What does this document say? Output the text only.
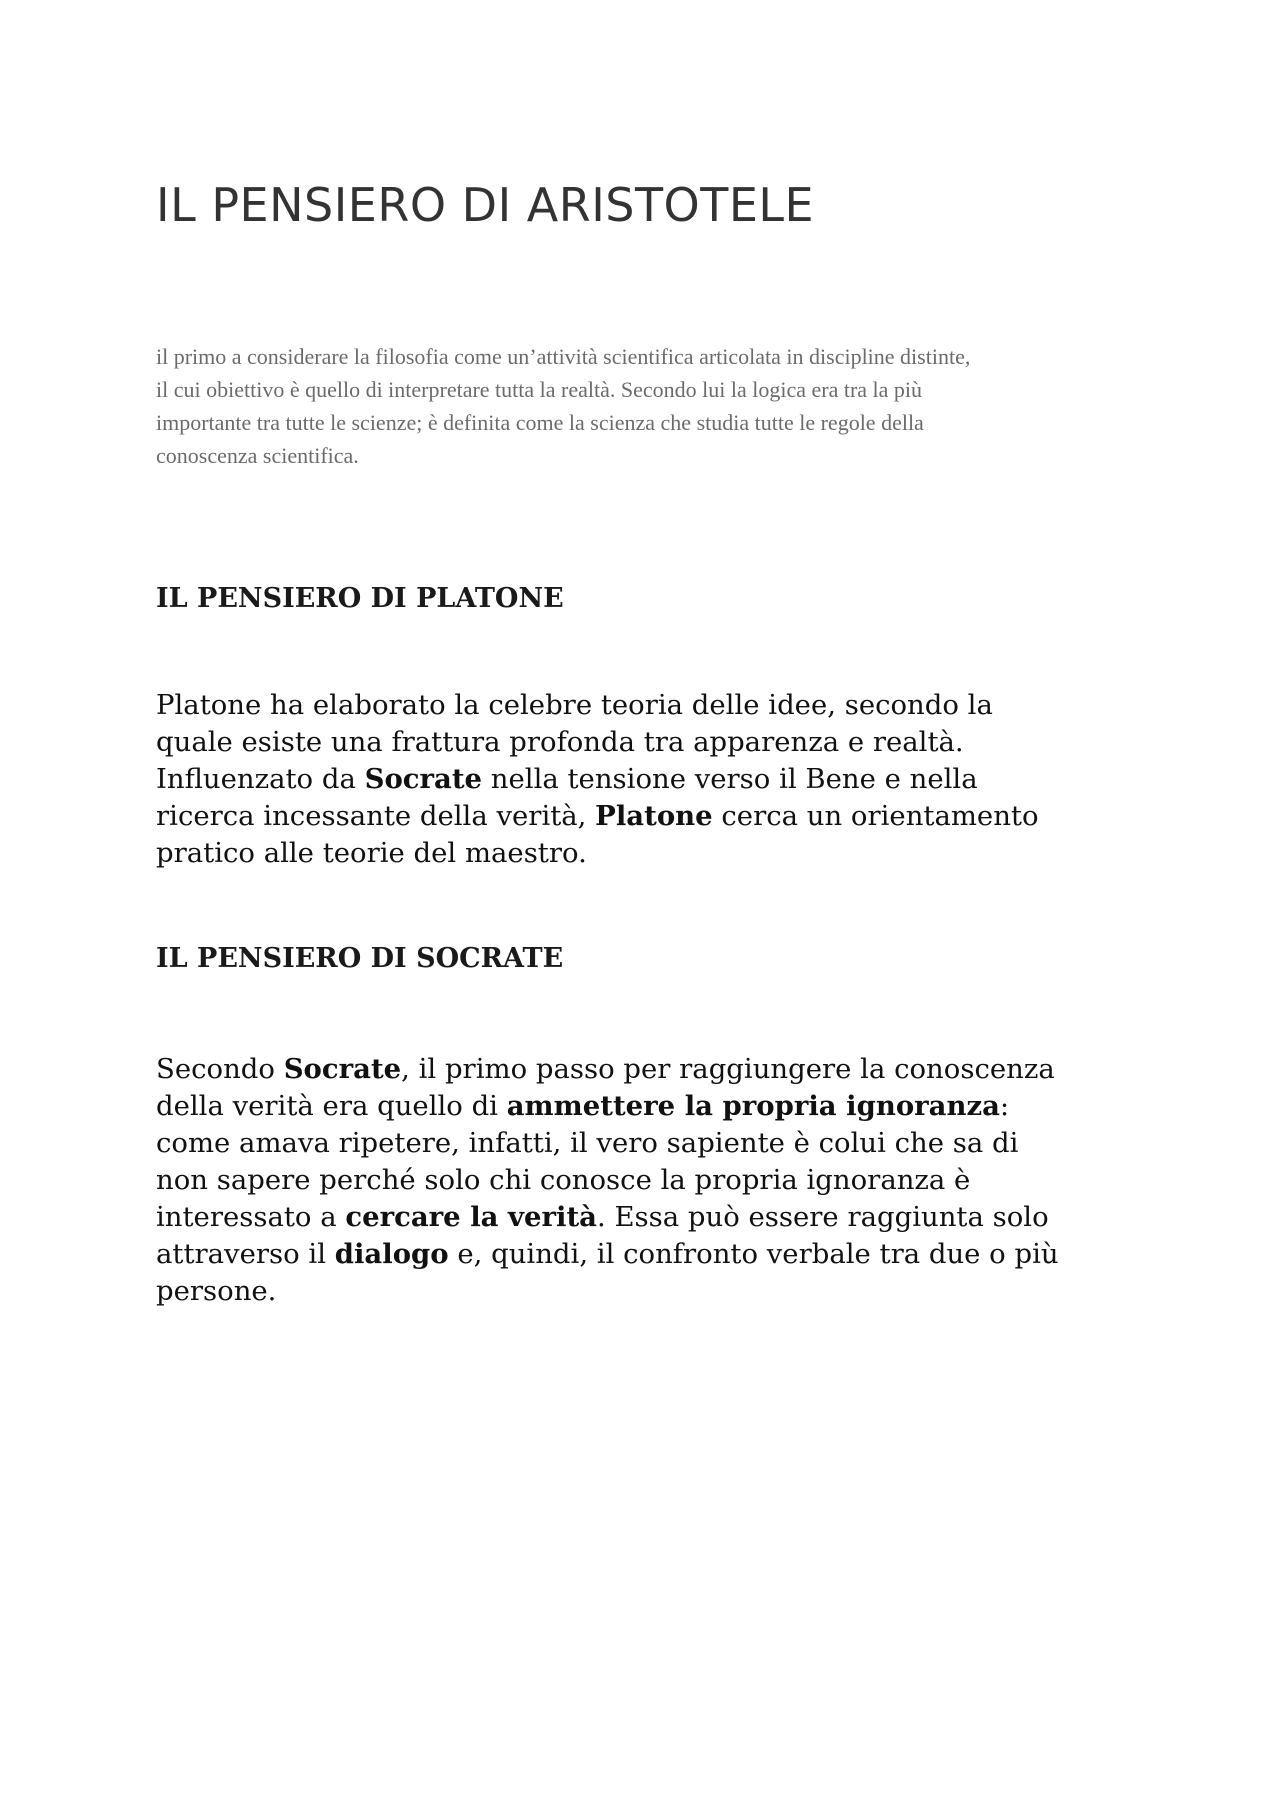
IL PENSIERO DI ARISTOTELE

il primo a considerare la filosofia come un’attività scientifica articolata in discipline distinte,
il cui obiettivo è quello di interpretare tutta la realtà. Secondo lui la logica era tra la più
importante tra tutte le scienze; è definita come la scienza che studia tutte le regole della
conoscenza scientifica.

IL PENSIERO DI PLATONE

Platone ha elaborato la celebre teoria delle idee, secondo la
quale esiste una frattura profonda tra apparenza e realtà.
Influenzato da Socrate nella tensione verso il Bene e nella
ricerca incessante della verità, Platone cerca un orientamento
pratico alle teorie del maestro.

IL PENSIERO DI SOCRATE

Secondo Socrate, il primo passo per raggiungere la conoscenza
della verità era quello di ammettere la propria ignoranza:
come amava ripetere, infatti, il vero sapiente è colui che sa di
non sapere perché solo chi conosce la propria ignoranza è
interessato a cercare la verità. Essa può essere raggiunta solo
attraverso il dialogo e, quindi, il confronto verbale tra due o più
persone.
